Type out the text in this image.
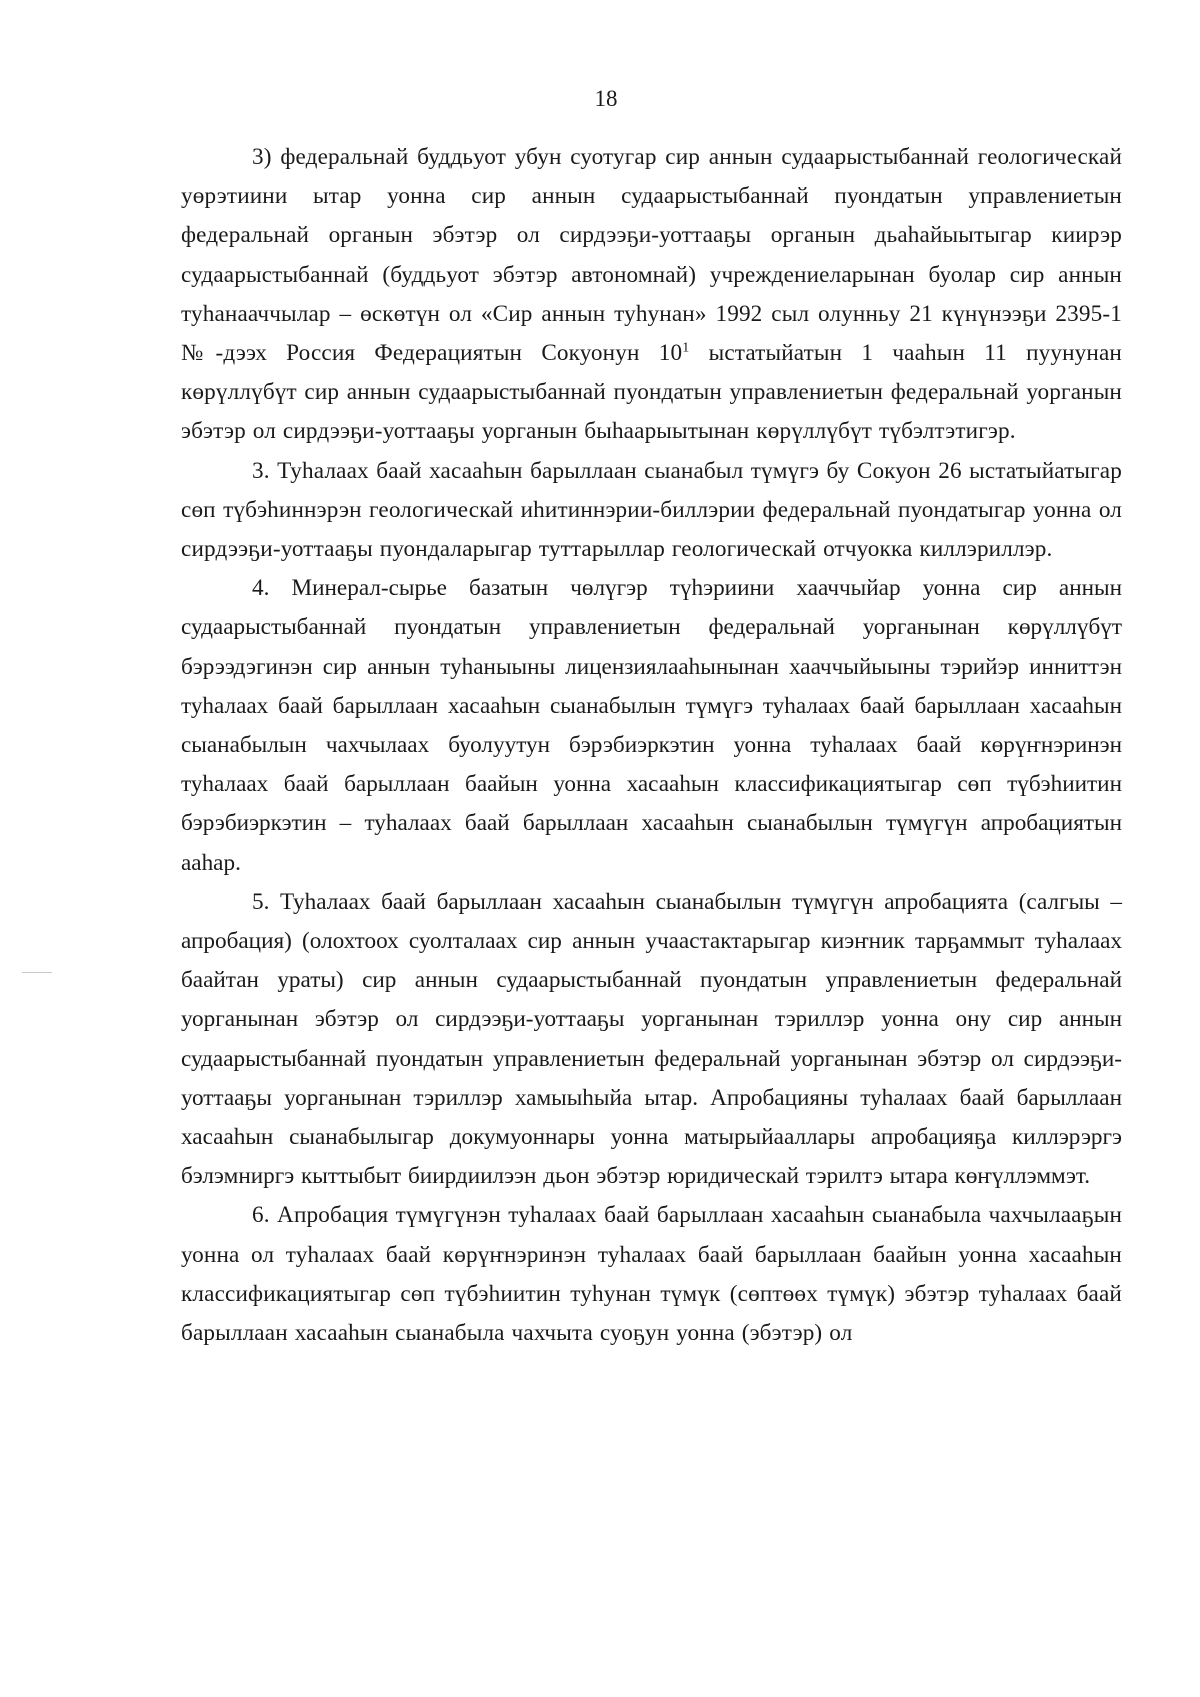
18

3) федеральнай буддьуот убун суотугар сир аннын судаарыстыбаннай геологическай уөрэтиини ытар уонна сир аннын судаарыстыбаннай пуондатын управлениетын федеральнай органын эбэтэр ол сирдээҕи-уоттааҕы органын дьаһайыытыгар киирэр судаарыстыбаннай (буддьуот эбэтэр автономнай) учреждениеларынан буолар сир аннын туһанааччылар – өскөтүн ол «Сир аннын туһунан» 1992 сыл олунньу 21 күнүнээҕи 2395-1 №-дээх Россия Федерациятын Сокуонун $10^1$ ыстатыйатын 1 чааһын 11 пуунунан көрүллүбүт сир аннын судаарыстыбаннай пуондатын управлениетын федеральнай уорганын эбэтэр ол сирдээҕи-уоттааҕы уорганын быһаарыытынан көрүллүбүт түбэлтэтигэр.

3. Туһалаах баай хасааһын барыллаан сыанабыл түмүгэ бу Сокуон 26 ыстатыйатыгар сөп түбэһиннэрэн геологическай иһитиннэрии-биллэрии федеральнай пуондатыгар уонна ол сирдээҕи-уоттааҕы пуондаларыгар туттарыллар геологическай отчуокка киллэриллэр.

4. Минерал-сырье базатын чөлүгэр түһэриини хааччыйар уонна сир аннын судаарыстыбаннай пуондатын управлениетын федеральнай уорганынан көрүллүбүт бэрээдэгинэн сир аннын туһаныыны лицензиялааһынынан хааччыйыыны тэрийэр инниттэн туһалаах баай барыллаан хасааһын сыанабылын түмүгэ туһалаах баай барыллаан хасааһын сыанабылын чахчылаах буолуутун бэрэбиэркэтин уонна туһалаах баай көрүҥнэринэн туһалаах баай барыллаан баайын уонна хасааһын классификациятыгар сөп түбэһиитин бэрэбиэркэтин – туһалаах баай барыллаан хасааһын сыанабылын түмүгүн апробациятын ааһар.

5. Туһалаах баай барыллаан хасааһын сыанабылын түмүгүн апробацията (салгыы – апробация) (олохтоох суолталаах сир аннын учаастактарыгар киэҥник тарҕаммыт туһалаах баайтан ураты) сир аннын судаарыстыбаннай пуондатын управлениетын федеральнай уорганынан эбэтэр ол сирдээҕи-уоттааҕы уорганынан тэриллэр уонна ону сир аннын судаарыстыбаннай пуондатын управлениетын федеральнай уорганынан эбэтэр ол сирдээҕи-уоттааҕы уорганынан тэриллэр хамыыһыйа ытар. Апробацияны туһалаах баай барыллаан хасааһын сыанабылыгар докумуоннары уонна матырыйааллары апробацияҕа киллэрэргэ бэлэмниргэ кыттыбыт биирдиилээн дьон эбэтэр юридическай тэрилтэ ытара көҥүллэммэт.

6. Апробация түмүгүнэн туһалаах баай барыллаан хасааһын сыанабыла чахчылааҕын уонна ол туһалаах баай көрүҥнэринэн туһалаах баай барыллаан баайын уонна хасааһын классификациятыгар сөп түбэһиитин туһунан түмүк (сөптөөх түмүк) эбэтэр туһалаах баай барыллаан хасааһын сыанабыла чахчыта суоҕун уонна (эбэтэр) ол
